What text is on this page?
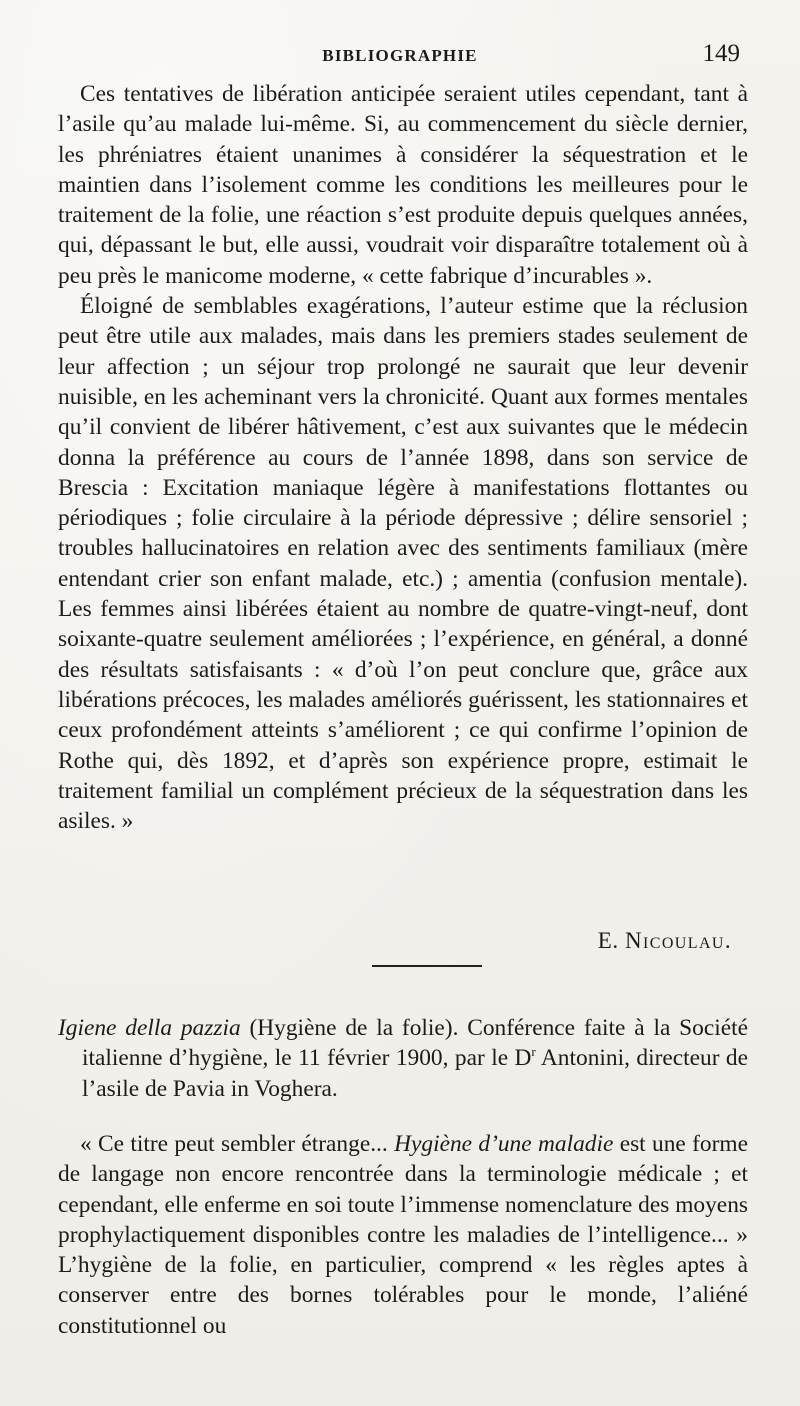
BIBLIOGRAPHIE	149

Ces tentatives de libération anticipée seraient utiles cependant, tant à l’asile qu’au malade lui-même. Si, au commencement du siècle dernier, les phréniatres étaient unanimes à considérer la séquestration et le maintien dans l’isolement comme les conditions les meilleures pour le traitement de la folie, une réaction s’est produite depuis quelques années, qui, dépassant le but, elle aussi, voudrait voir disparaître totalement où à peu près le manicome moderne, « cette fabrique d’incurables ».

Éloigné de semblables exagérations, l’auteur estime que la réclusion peut être utile aux malades, mais dans les premiers stades seulement de leur affection ; un séjour trop prolongé ne saurait que leur devenir nuisible, en les acheminant vers la chronicité. Quant aux formes mentales qu’il convient de libérer hâtivement, c’est aux suivantes que le médecin donna la préférence au cours de l’année 1898, dans son service de Brescia : Excitation maniaque légère à manifestations flottantes ou périodiques ; folie circulaire à la période dépressive ; délire sensoriel ; troubles hallucinatoires en relation avec des sentiments familiaux (mère entendant crier son enfant malade, etc.) ; amentia (confusion mentale). Les femmes ainsi libérées étaient au nombre de quatre-vingt-neuf, dont soixante-quatre seulement améliorées ; l’expérience, en général, a donné des résultats satisfaisants : « d’où l’on peut conclure que, grâce aux libérations précoces, les malades améliorés guérissent, les stationnaires et ceux profondément atteints s’améliorent ; ce qui confirme l’opinion de Rothe qui, dès 1892, et d’après son expérience propre, estimait le traitement familial un complément précieux de la séquestration dans les asiles. »

E. Nicoulau.

Igiene della pazzia (Hygiène de la folie). Conférence faite à la Société italienne d’hygiène, le 11 février 1900, par le $D^r$ Antonini, directeur de l’asile de Pavia in Voghera.

« Ce titre peut sembler étrange... Hygiène d’une maladie est une forme de langage non encore rencontrée dans la terminologie médicale ; et cependant, elle enferme en soi toute l’immense nomenclature des moyens prophylactiquement disponibles contre les maladies de l’intelligence... » L’hygiène de la folie, en particulier, comprend « les règles aptes à conserver entre des bornes tolérables pour le monde, l’aliéné constitutionnel ou
